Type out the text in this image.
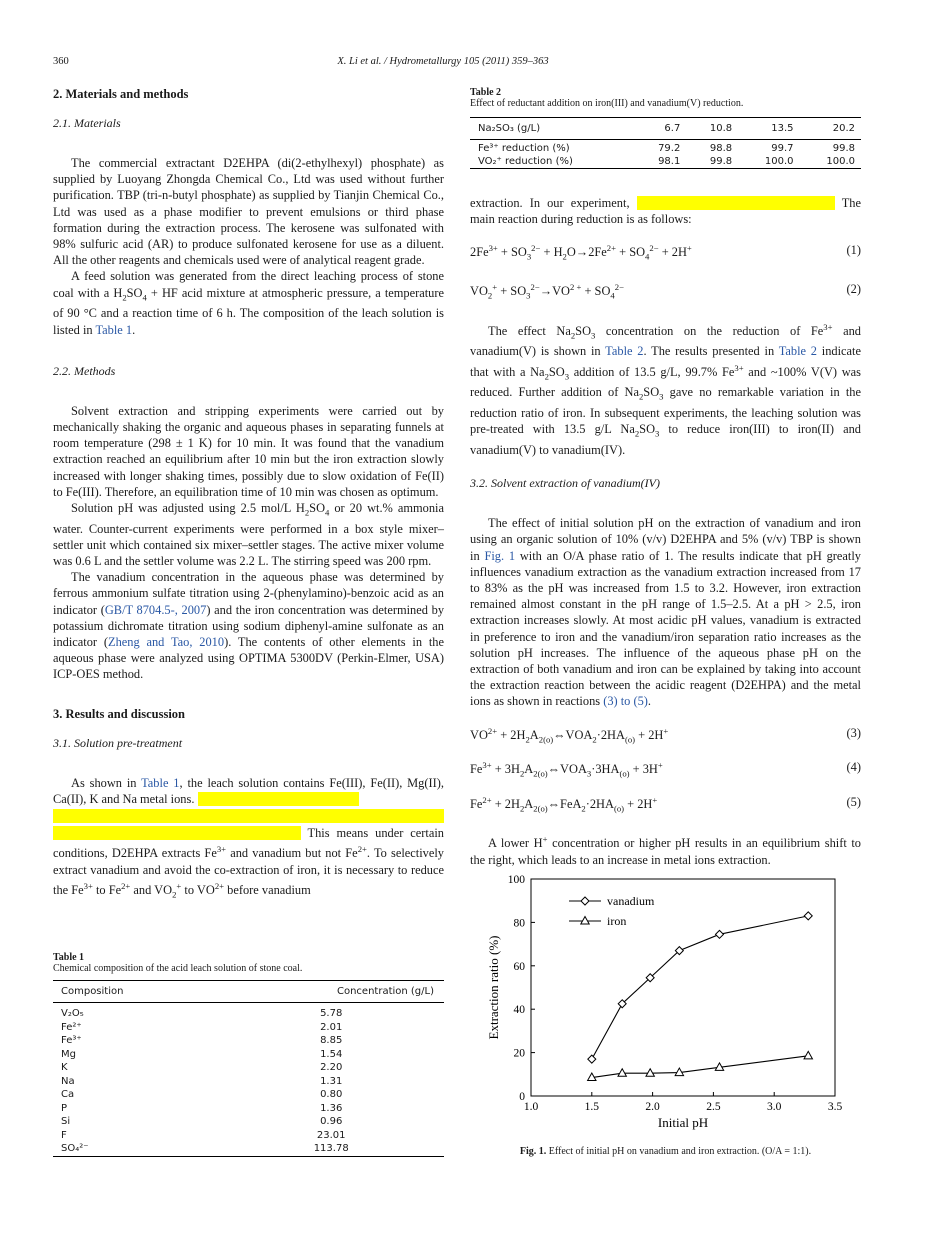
360	X. Li et al. / Hydrometallurgy 105 (2011) 359–363
2. Materials and methods
2.1. Materials

The commercial extractant D2EHPA (di(2-ethylhexyl) phosphate) as supplied by Luoyang Zhongda Chemical Co., Ltd was used without further purification. TBP (tri-n-butyl phosphate) as supplied by Tianjin Chemical Co., Ltd was used as a phase modifier to prevent emulsions or third phase formation during the extraction process. The kerosene was sulfonated with 98% sulfuric acid (AR) to produce sulfonated kerosene for use as a diluent. All the other reagents and chemicals used were of analytical reagent grade.

A feed solution was generated from the direct leaching process of stone coal with a $H_2SO_4$ + HF acid mixture at atmospheric pressure, a temperature of 90 °C and a reaction time of 6 h. The composition of the leach solution is listed in Table 1.

2.2. Methods

Solvent extraction and stripping experiments were carried out by mechanically shaking the organic and aqueous phases in separating funnels at room temperature (298 ± 1 K) for 10 min. It was found that the vanadium extraction reached an equilibrium after 10 min but the iron extraction slowly increased with longer shaking times, possibly due to slow oxidation of Fe(II) to Fe(III). Therefore, an equilibration time of 10 min was chosen as optimum.

Solution pH was adjusted using 2.5 mol/L $H_2SO_4$ or 20 wt.% ammonia water. Counter-current experiments were performed in a box style mixer–settler unit which contained six mixer–settler stages. The active mixer volume was 0.6 L and the settler volume was 2.2 L. The stirring speed was 200 rpm.

The vanadium concentration in the aqueous phase was determined by ferrous ammonium sulfate titration using 2-(phenylamino)-benzoic acid as an indicator (GB/T 8704.5-, 2007) and the iron concentration was determined by potassium dichromate titration using sodium diphenyl-amine sulfonate as an indicator (Zheng and Tao, 2010). The contents of other elements in the aqueous phase were analyzed using OPTIMA 5300DV (Perkin-Elmer, USA) ICP-OES method.

3. Results and discussion
3.1. Solution pre-treatment

As shown in Table 1, the leach solution contains Fe(III), Fe(II), Mg(II), Ca(II), K and Na metal ions.              
                     This means under certain conditions, D2EHPA extracts $Fe^{3+}$ and vanadium but not $Fe^{2+}$. To selectively extract vanadium and avoid the co-extraction of iron, it is necessary to reduce the $Fe^{3+}$ to $Fe^{2+}$ and $VO_2^+$ to $VO^{2+}$ before vanadium

Table 1
Chemical composition of the acid leach solution of stone coal.
Composition	Concentration (g/L)
V₂O₅	5.78
Fe²⁺	2.01
Fe³⁺	8.85
Mg	1.54
K	2.20
Na	1.31
Ca	0.80
P	1.36
Si	0.96
F	23.01
SO₄²⁻	113.78
Table 2
Effect of reductant addition on iron(III) and vanadium(V) reduction.
Na₂SO₃ (g/L)	6.7	10.8	13.5	20.2
Fe³⁺ reduction (%)	79.2	98.8	99.7	99.8
VO₂⁺ reduction (%)	98.1	99.8	100.0	100.0

extraction. In our experiment,                 	The main reaction during reduction is as follows:

$2Fe^{3+} + SO_3^{2-} + H_2O\to 2Fe^{2+} + SO_4^{2-} + 2H^+$	(1)
$VO_2^+ + SO_3^{2-}\to VO^{2 +} + SO_4^{2-}$	(2)

The effect $Na_2SO_3$ concentration on the reduction of $Fe^{3+}$ and vanadium(V) is shown in Table 2. The results presented in Table 2 indicate that with a $Na_2SO_3$ addition of 13.5 g/L, 99.7% $Fe^{3+}$ and ~100% V(V) was reduced. Further addition of $Na_2SO_3$ gave no remarkable variation in the reduction ratio of iron. In subsequent experiments, the leaching solution was pre-treated with 13.5 g/L $Na_2SO_3$ to reduce iron(III) to iron(II) and vanadium(V) to vanadium(IV).

3.2. Solvent extraction of vanadium(IV)

The effect of initial solution pH on the extraction of vanadium and iron using an organic solution of 10% (v/v) D2EHPA and 5% (v/v) TBP is shown in Fig. 1 with an O/A phase ratio of 1. The results indicate that pH greatly influences vanadium extraction as the vanadium extraction increased from 17 to 83% as the pH was increased from 1.5 to 3.2. However, iron extraction remained almost constant in the pH range of 1.5–2.5. At a pH > 2.5, iron extraction increases slowly. At most acidic pH values, vanadium is extracted in preference to iron and the vanadium/iron separation ratio increases as the solution pH increases. The influence of the aqueous phase pH on the extraction of both vanadium and iron can be explained by taking into account the extraction reaction between the acidic reagent (D2EHPA) and the metal ions as shown in reactions (3) to (5).

$VO^{2+}$ + $2H_2A_{2(o)}\Leftrightarrow VOA_2\cdot 2HA_{(o)} + 2H^+$	(3)
$Fe^{3+}$ + $3H_2A_{2(o)}\Leftrightarrow VOA_3\cdot 3HA_{(o)} + 3H^+$	(4)
$Fe^{2+}$ + $2H_2A_{2(o)}\Leftrightarrow FeA_2\cdot 2HA_{(o)} + 2H^+$	(5)

A lower H+ concentration or higher pH results in an equilibrium shift to the right, which leads to an increase in metal ions extraction.

1.0	1.5	2.0	2.5	3.0	3.5
0
20
40
60
80
100
Initial pH
Extraction ratio (%)
vanadium
iron
Fig. 1. Effect of initial pH on vanadium and iron extraction. (O/A = 1:1).
